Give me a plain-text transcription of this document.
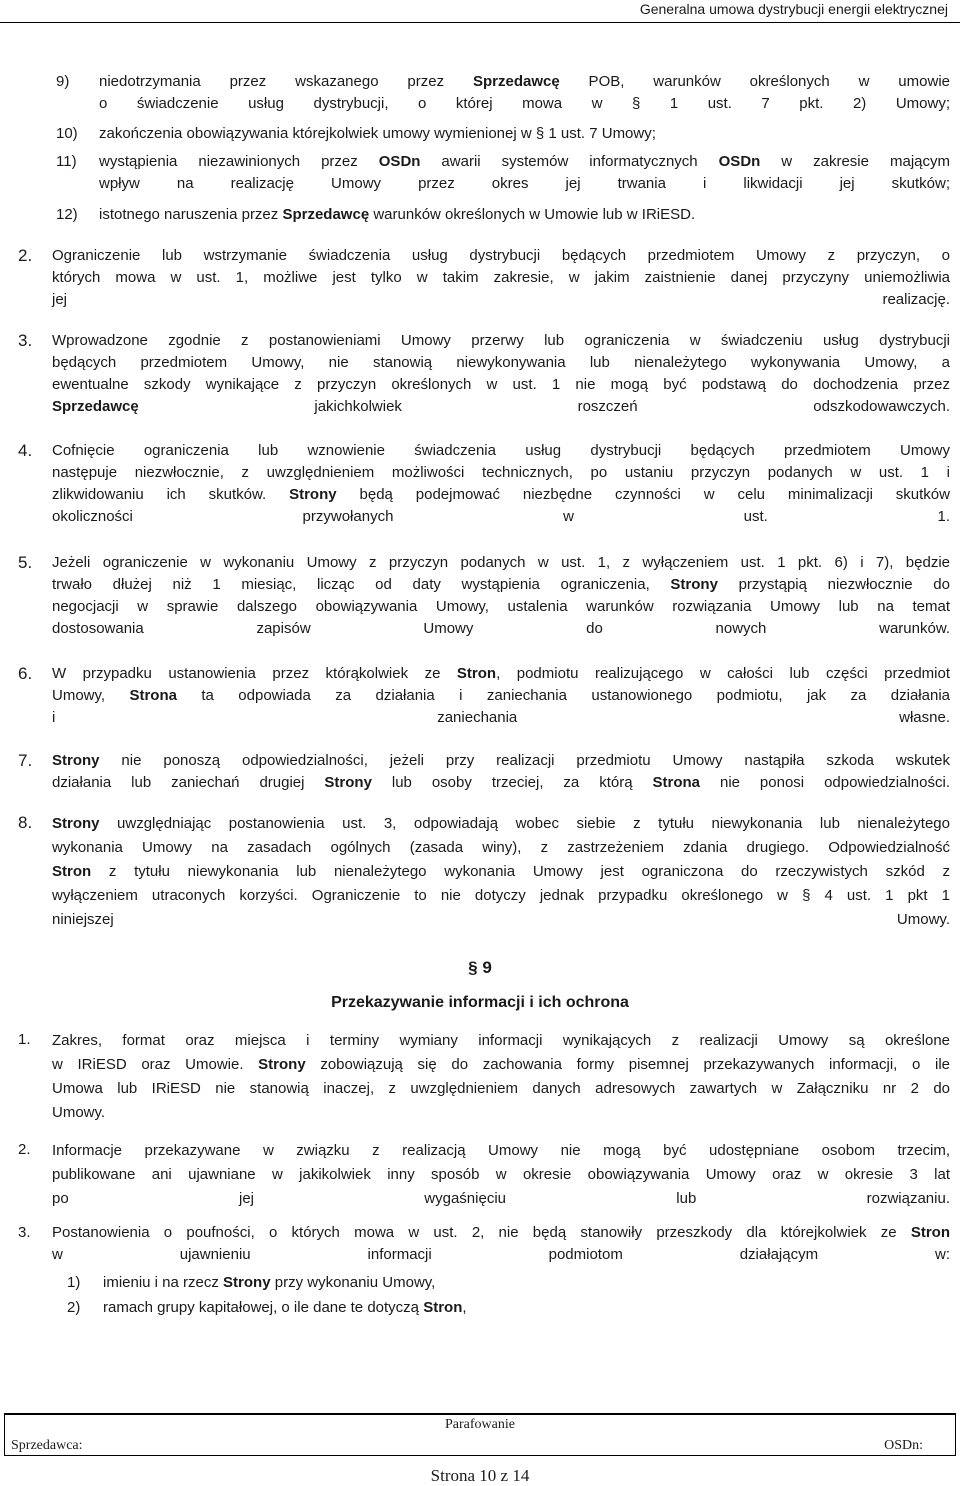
Generalna umowa dystrybucji energii elektrycznej
9) niedotrzymania przez wskazanego przez Sprzedawcę POB, warunków określonych w umowie
o świadczenie usług dystrybucji, o której mowa w § 1 ust. 7 pkt. 2) Umowy;
10) zakończenia obowiązywania którejkolwiek umowy wymienionej w § 1 ust. 7 Umowy;
11) wystąpienia niezawinionych przez OSDn awarii systemów informatycznych OSDn w zakresie mającym
wpływ na realizację Umowy przez okres jej trwania i likwidacji jej skutków;
12) istotnego naruszenia przez Sprzedawcę warunków określonych w Umowie lub w IRiESD.
2. Ograniczenie lub wstrzymanie świadczenia usług dystrybucji będących przedmiotem Umowy z przyczyn, o
których mowa w ust. 1, możliwe jest tylko w takim zakresie, w jakim zaistnienie danej przyczyny uniemożliwia
jej realizację.
3. Wprowadzone zgodnie z postanowieniami Umowy przerwy lub ograniczenia w świadczeniu usług dystrybucji
będących przedmiotem Umowy, nie stanowią niewykonywania lub nienależytego wykonywania Umowy, a
ewentualne szkody wynikające z przyczyn określonych w ust. 1 nie mogą być podstawą do dochodzenia przez
Sprzedawcę jakichkolwiek roszczeń odszkodowawczych.
4. Cofnięcie ograniczenia lub wznowienie świadczenia usług dystrybucji będących przedmiotem Umowy
następuje niezwłocznie, z uwzględnieniem możliwości technicznych, po ustaniu przyczyn podanych w ust. 1 i
zlikwidowaniu ich skutków. Strony będą podejmować niezbędne czynności w celu minimalizacji skutków
okoliczności przywołanych w ust. 1.
5. Jeżeli ograniczenie w wykonaniu Umowy z przyczyn podanych w ust. 1, z wyłączeniem ust. 1 pkt. 6) i 7), będzie
trwało dłużej niż 1 miesiąc, licząc od daty wystąpienia ograniczenia, Strony przystąpią niezwłocznie do
negocjacji w sprawie dalszego obowiązywania Umowy, ustalenia warunków rozwiązania Umowy lub na temat
dostosowania zapisów Umowy do nowych warunków.
6. W przypadku ustanowienia przez którąkolwiek ze Stron, podmiotu realizującego w całości lub części przedmiot
Umowy, Strona ta odpowiada za działania i zaniechania ustanowionego podmiotu, jak za działania
i zaniechania własne.
7. Strony nie ponoszą odpowiedzialności, jeżeli przy realizacji przedmiotu Umowy nastąpiła szkoda wskutek
działania lub zaniechań drugiej Strony lub osoby trzeciej, za którą Strona nie ponosi odpowiedzialności.
8. Strony uwzględniając postanowienia ust. 3, odpowiadają wobec siebie z tytułu niewykonania lub nienależytego
wykonania Umowy na zasadach ogólnych (zasada winy), z zastrzeżeniem zdania drugiego. Odpowiedzialność
Stron z tytułu niewykonania lub nienależytego wykonania Umowy jest ograniczona do rzeczywistych szkód z
wyłączeniem utraconych korzyści. Ograniczenie to nie dotyczy jednak przypadku określonego w § 4 ust. 1 pkt 1
niniejszej Umowy.
1. Zakres, format oraz miejsca i terminy wymiany informacji wynikających z realizacji Umowy są określone
w IRiESD oraz Umowie. Strony zobowiązują się do zachowania formy pisemnej przekazywanych informacji, o ile
Umowa lub IRiESD nie stanowią inaczej, z uwzględnieniem danych adresowych zawartych w Załączniku nr 2 do
Umowy.
2. Informacje przekazywane w związku z realizacją Umowy nie mogą być udostępniane osobom trzecim,
publikowane ani ujawniane w jakikolwiek inny sposób w okresie obowiązywania Umowy oraz w okresie 3 lat
po jej wygaśnięciu lub rozwiązaniu.
3. Postanowienia o poufności, o których mowa w ust. 2, nie będą stanowiły przeszkody dla którejkolwiek ze Stron
w ujawnieniu informacji podmiotom działającym w:
1) imieniu i na rzecz Strony przy wykonaniu Umowy,
2) ramach grupy kapitałowej, o ile dane te dotyczą Stron,
§ 9
Przekazywanie informacji i ich ochrona
Parafowanie
Sprzedawca:	OSDn:
Strona 10 z 14
